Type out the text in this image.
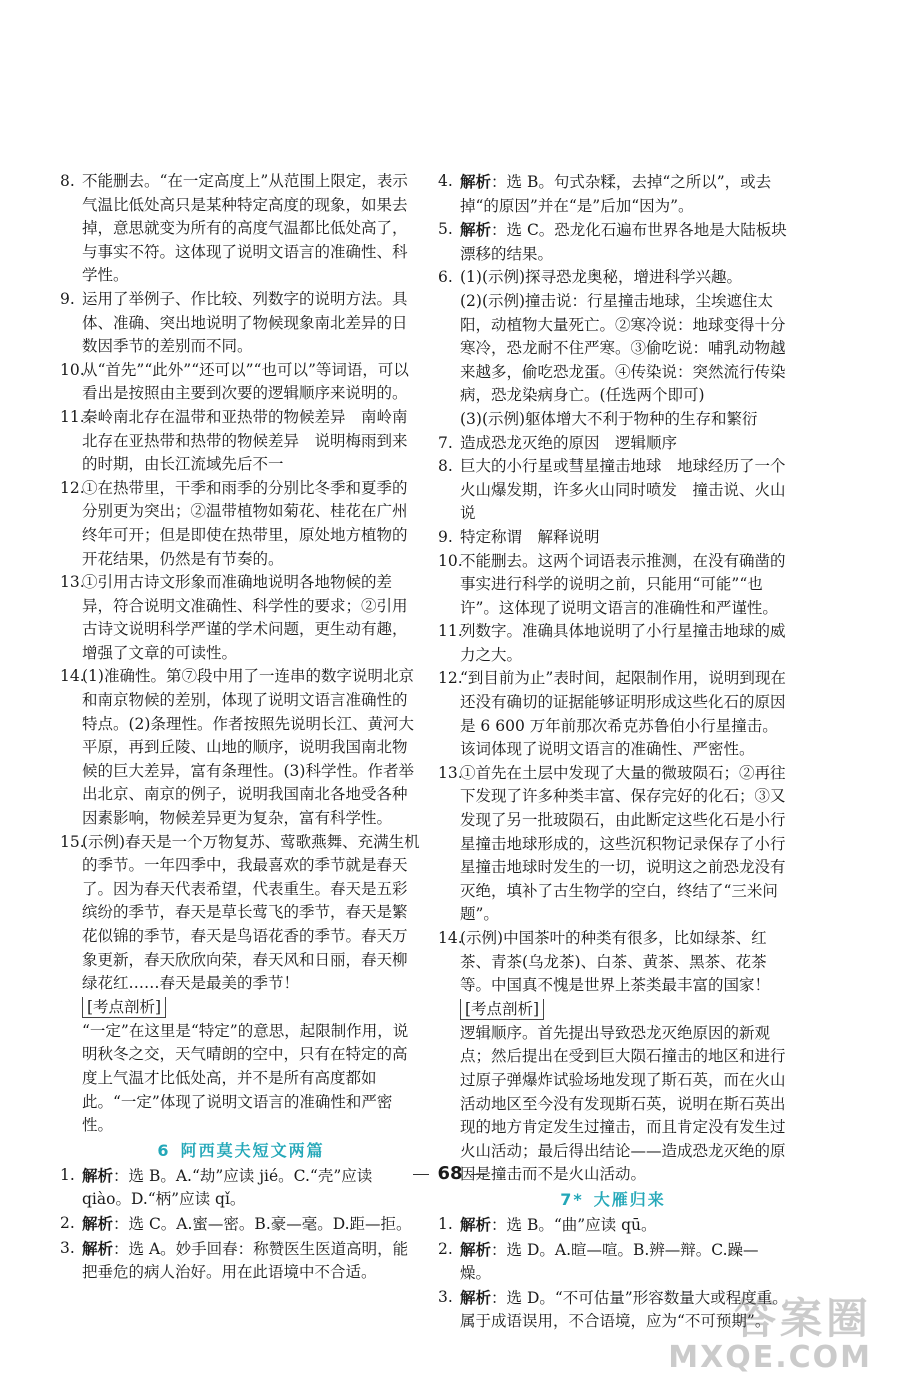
8. 不能删去。“在一定高度上”从范围上限定，表示气温比低处高只是某种特定高度的现象，如果去掉，意思就变为所有的高度气温都比低处高了，与事实不符。这体现了说明文语言的准确性、科学性。
9. 运用了举例子、作比较、列数字的说明方法。具体、准确、突出地说明了物候现象南北差异的日数因季节的差别而不同。
10.
从“首先”“此外”“还可以”“也可以”等词语，可以看出是按照由主要到次要的逻辑顺序来说明的。
11.
秦岭南北存在温带和亚热带的物候差异　南岭南北存在亚热带和热带的物候差异　说明梅雨到来的时期，由长江流域先后不一
12.
①在热带里，干季和雨季的分别比冬季和夏季的分别更为突出；②温带植物如菊花、桂花在广州终年可开；但是即使在热带里，原处地方植物的开花结果，仍然是有节奏的。
13.
①引用古诗文形象而准确地说明各地物候的差异，符合说明文准确性、科学性的要求；②引用古诗文说明科学严谨的学术问题，更生动有趣，增强了文章的可读性。
14.
(1)准确性。第⑦段中用了一连串的数字说明北京和南京物候的差别，体现了说明文语言准确性的特点。(2)条理性。作者按照先说明长江、黄河大平原，再到丘陵、山地的顺序，说明我国南北物候的巨大差异，富有条理性。(3)科学性。作者举出北京、南京的例子，说明我国南北各地受各种因素影响，物候差异更为复杂，富有科学性。
15.
(示例)春天是一个万物复苏、莺歌燕舞、充满生机的季节。一年四季中，我最喜欢的季节就是春天了。因为春天代表希望，代表重生。春天是五彩缤纷的季节，春天是草长莺飞的季节，春天是繁花似锦的季节，春天是鸟语花香的季节。春天万象更新，春天欣欣向荣，春天风和日丽，春天柳绿花红……春天是最美的季节！
[考点剖析]
“一定”在这里是“特定”的意思，起限制作用，说明秋冬之交，天气晴朗的空中，只有在特定的高度上气温才比低处高，并不是所有高度都如此。“一定”体现了说明文语言的准确性和严密性。
6 阿西莫夫短文两篇
1. 解析：选 B。A.“劫”应读 jié。C.“壳”应读 qiào。D.“柄”应读 qǐ。
2. 解析：选 C。A.蜜—密。B.豪—毫。D.距—拒。
3. 解析：选 A。妙手回春：称赞医生医道高明，能把垂危的病人治好。用在此语境中不合适。
4. 解析：选 B。句式杂糅，去掉“之所以”，或去掉“的原因”并在“是”后加“因为”。
5. 解析：选 C。恐龙化石遍布世界各地是大陆板块漂移的结果。
6. (1)(示例)探寻恐龙奥秘，增进科学兴趣。
(2)(示例)撞击说：行星撞击地球，尘埃遮住太阳，动植物大量死亡。②寒冷说：地球变得十分寒冷，恐龙耐不住严寒。③偷吃说：哺乳动物越来越多，偷吃恐龙蛋。④传染说：突然流行传染病，恐龙染病身亡。(任选两个即可)
(3)(示例)躯体增大不利于物种的生存和繁衍
7. 造成恐龙灭绝的原因　逻辑顺序
8. 巨大的小行星或彗星撞击地球　地球经历了一个火山爆发期，许多火山同时喷发　撞击说、火山说
9. 特定称谓　解释说明
10.
不能删去。这两个词语表示推测，在没有确凿的事实进行科学的说明之前，只能用“可能”“也许”。这体现了说明文语言的准确性和严谨性。
11.
列数字。准确具体地说明了小行星撞击地球的威力之大。
12.
“到目前为止”表时间，起限制作用，说明到现在还没有确切的证据能够证明形成这些化石的原因是 6 600 万年前那次希克苏鲁伯小行星撞击。该词体现了说明文语言的准确性、严密性。
13.
①首先在土层中发现了大量的微玻陨石；②再往下发现了许多种类丰富、保存完好的化石；③又发现了另一批玻陨石，由此断定这些化石是小行星撞击地球形成的，这些沉积物记录保存了小行星撞击地球时发生的一切，说明这之前恐龙没有灭绝，填补了古生物学的空白，终结了“三米问题”。
14.
(示例)中国茶叶的种类有很多，比如绿茶、红茶、青茶(乌龙茶)、白茶、黄茶、黑茶、花茶等。中国真不愧是世界上茶类最丰富的国家！
[考点剖析]
逻辑顺序。首先提出导致恐龙灭绝原因的新观点；然后提出在受到巨大陨石撞击的地区和进行过原子弹爆炸试验场地发现了斯石英，而在火山活动地区至今没有发现斯石英，说明在斯石英出现的地方肯定发生过撞击，而且肯定没有发生过火山活动；最后得出结论——造成恐龙灭绝的原因是撞击而不是火山活动。
7* 大雁归来
1. 解析：选 B。“曲”应读 qū。
2. 解析：选 D。A.暄—喧。B.辨—辩。C.躁—燥。
3. 解析：选 D。“不可估量”形容数量大或程度重。属于成语误用，不合语境，应为“不可预期”。
68
答案圈
MXQE.COM
